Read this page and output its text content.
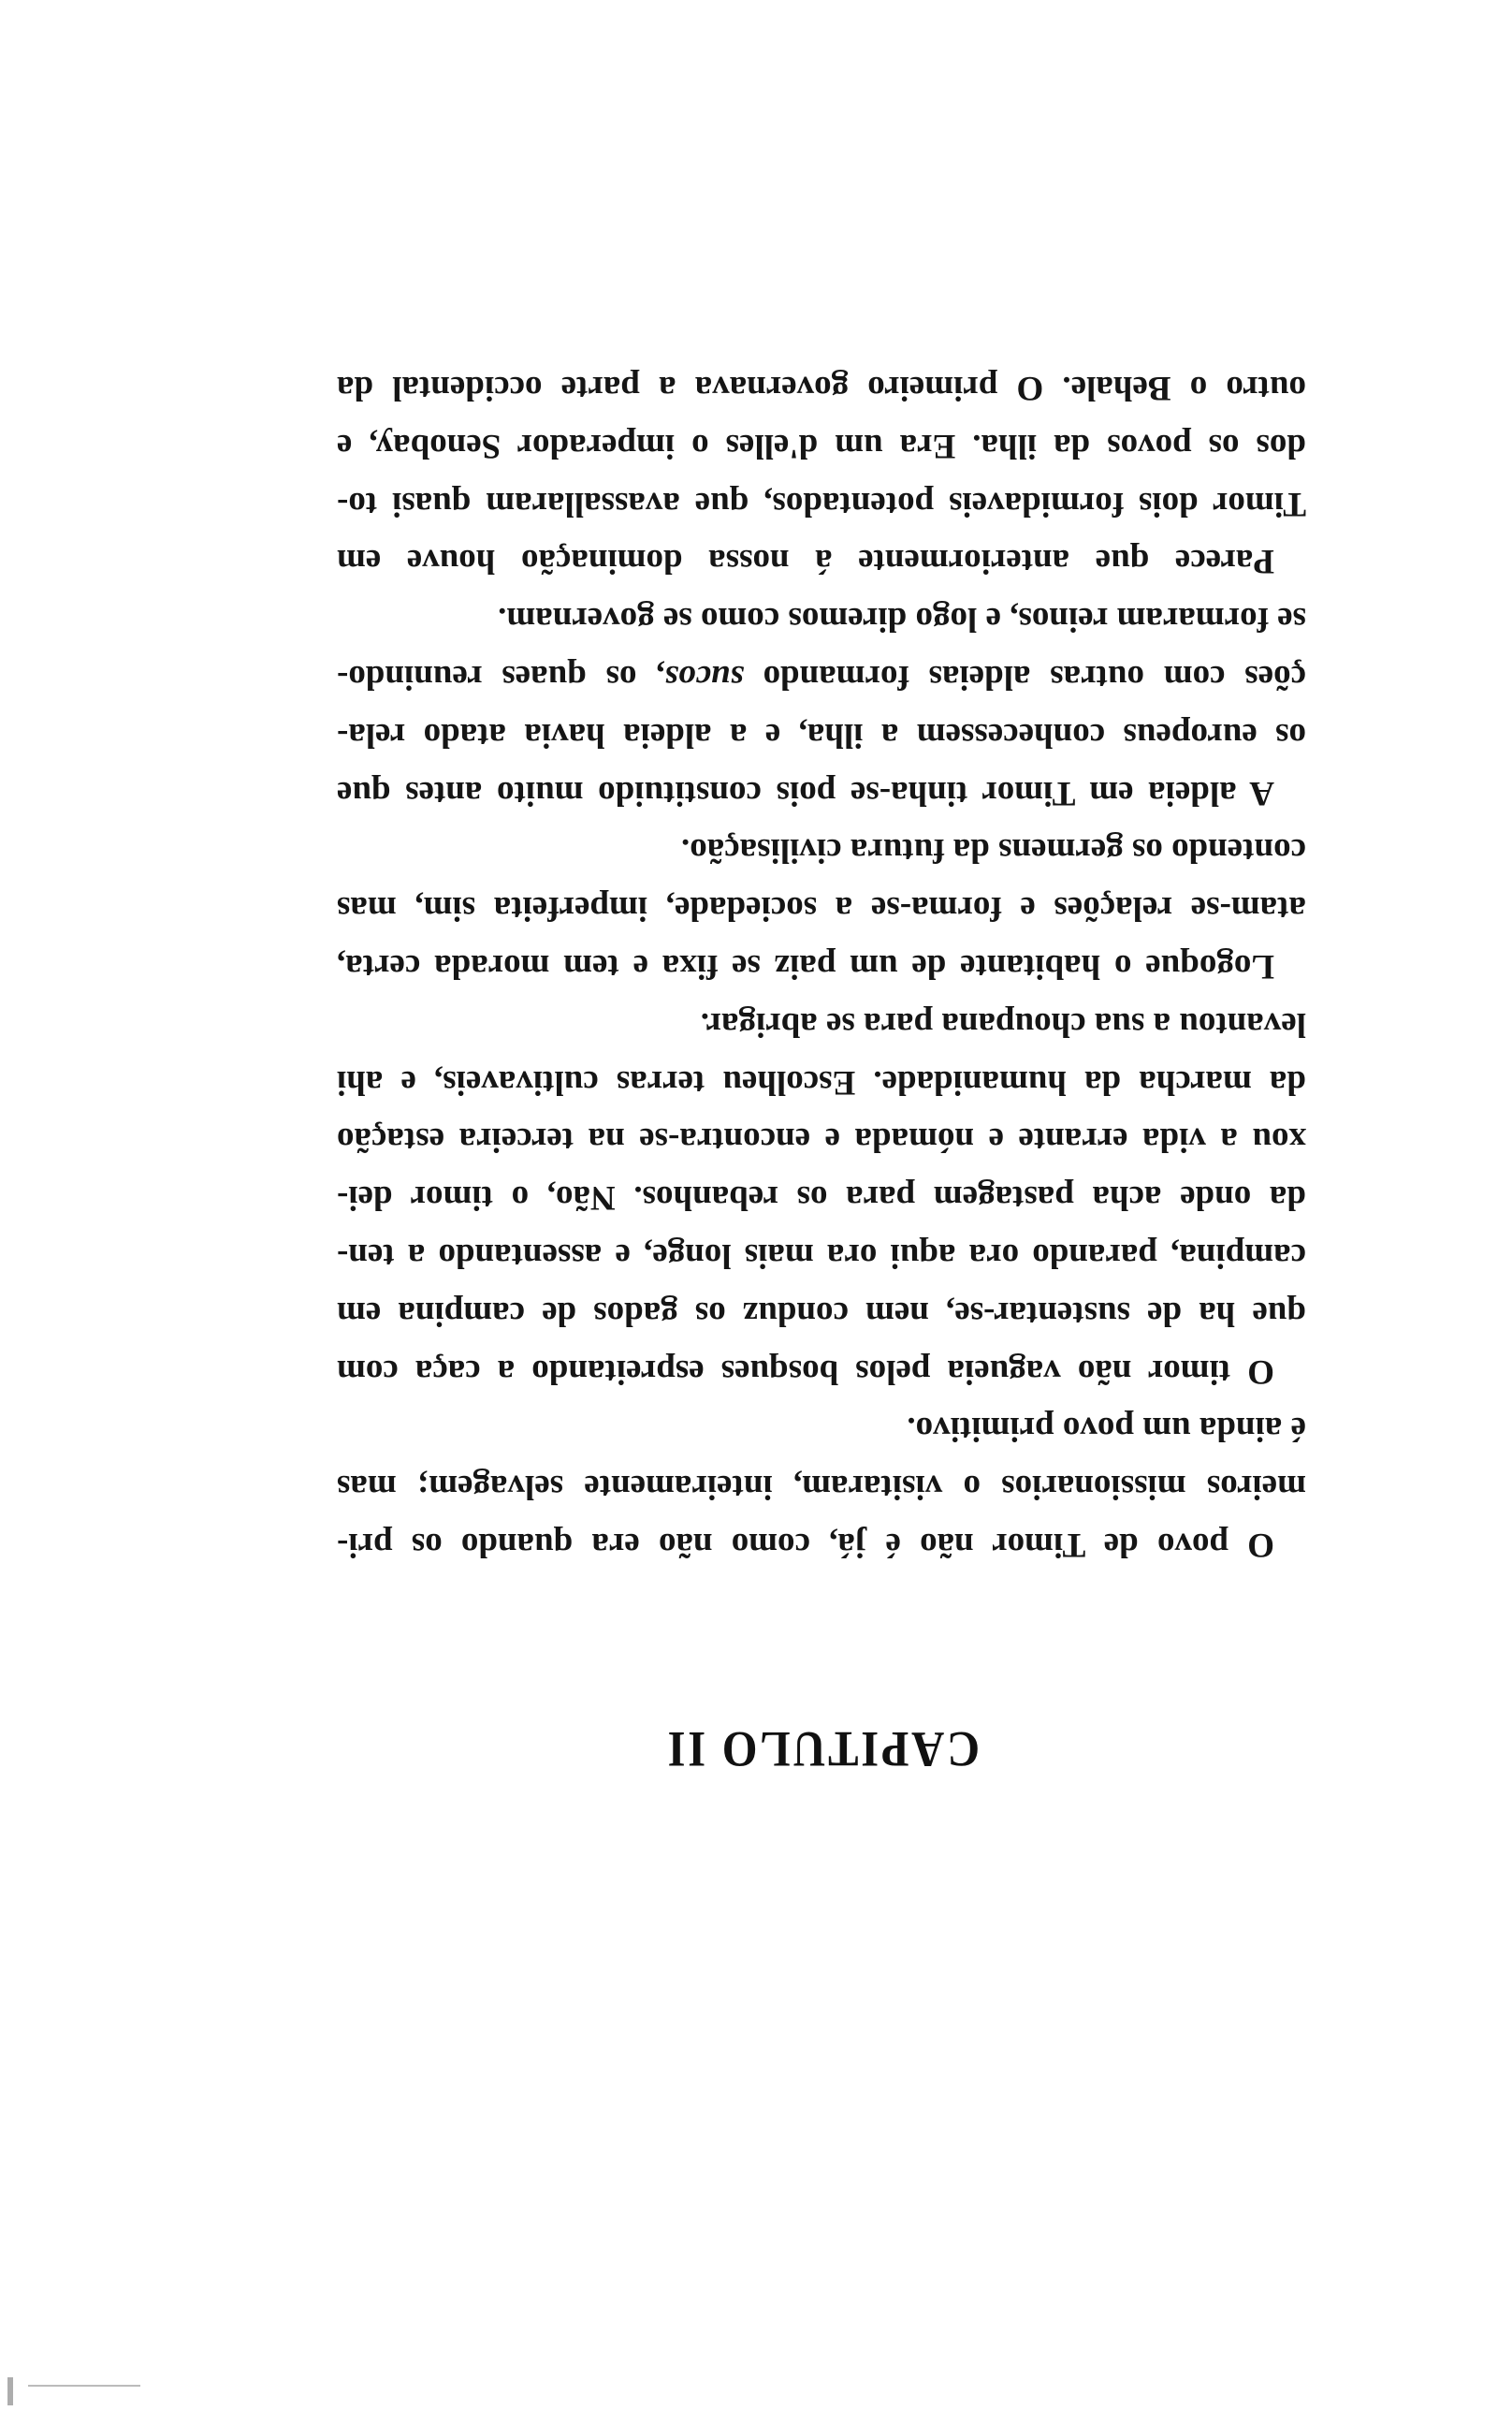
CAPITULO II
O povo de Timor não é já, como não era quando os pri-
meiros missionarios o visitaram, inteiramente selvagem; mas
é ainda um povo primitivo.
O timor não vagueia pelos bosques espreitando a caça com
que ha de sustentar-se, nem conduz os gados de campina em
campina, parando ora aqui ora mais longe, e assentando a ten-
da onde acha pastagem para os rebanhos. Não, o timor dei-
xou a vida errante e nómada e encontra-se na terceira estação
da marcha da humanidade. Escolheu terras cultivaveis, e ahi
levantou a sua choupana para se abrigar.
Logoque o habitante de um paiz se fixa e tem morada certa,
atam-se relações e forma-se a sociedade, imperfeita sim, mas
contendo os germens da futura civilisação.
A aldeia em Timor tinha-se pois constituido muito antes que
os europeus conhecessem a ilha, e a aldeia havia atado rela-
ções com outras aldeias formando sucos, os quaes reunindo-
se formaram reinos, e logo diremos como se governam.
Parece que anteriormente á nossa dominação houve em
Timor dois formidaveis potentados, que avassallaram quasi to-
dos os povos da ilha. Era um d'elles o imperador Senobay, e
outro o Behale. O primeiro governava a parte occidental da
